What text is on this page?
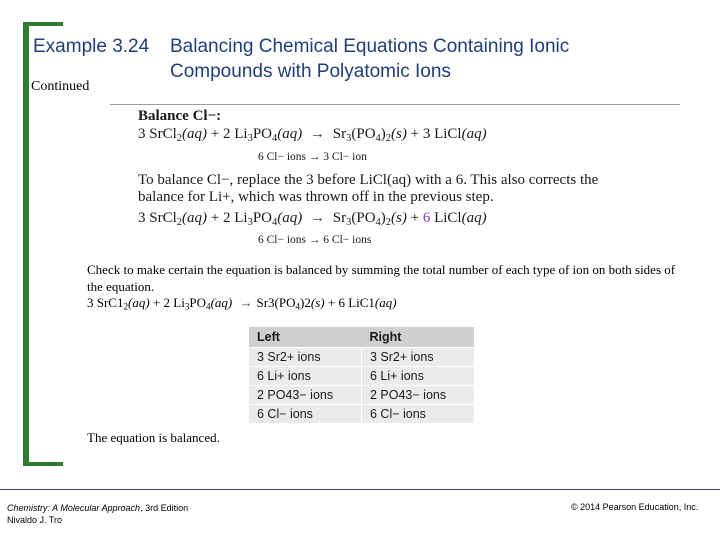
Example 3.24	Balancing Chemical Equations Containing Ionic
Compounds with Polyatomic Ions
Continued
Balance Cl−:
3 SrCl$_2$(aq) + 2 $Li_3PO_4(aq) \to Sr_3(PO_4)_2(s) + 3$ LiCl(aq)
6 Cl− ions → 3 Cl− ion
To balance Cl−, replace the 3 before LiCl(aq) with a 6. This also corrects the balance for Li+, which was thrown off in the previous step.
3 SrCl$_2$(aq) + 2 $Li_3PO_4(aq) \to Sr_3(PO_4)_2(s) + 6$ LiCl(aq)
6 Cl− ions → 6 Cl− ions
Check to make certain the equation is balanced by summing the total number of each type of ion on both sides of the equation.
3 $SrC1_2(aq) + 2$ $Li_3PO_4(aq) \to Sr3(PO_4)2(s) + 6$ LiC1(aq)
Left	Right
3 Sr2+ ions	3 Sr2+ ions
6 Li+ ions	6 Li+ ions
2 PO43− ions	2 PO43− ions
6 Cl− ions	6 Cl− ions
The equation is balanced.
Chemistry: A Molecular Approach, 3rd Edition
Nivaldo J. Tro
© 2014 Pearson Education, Inc.
